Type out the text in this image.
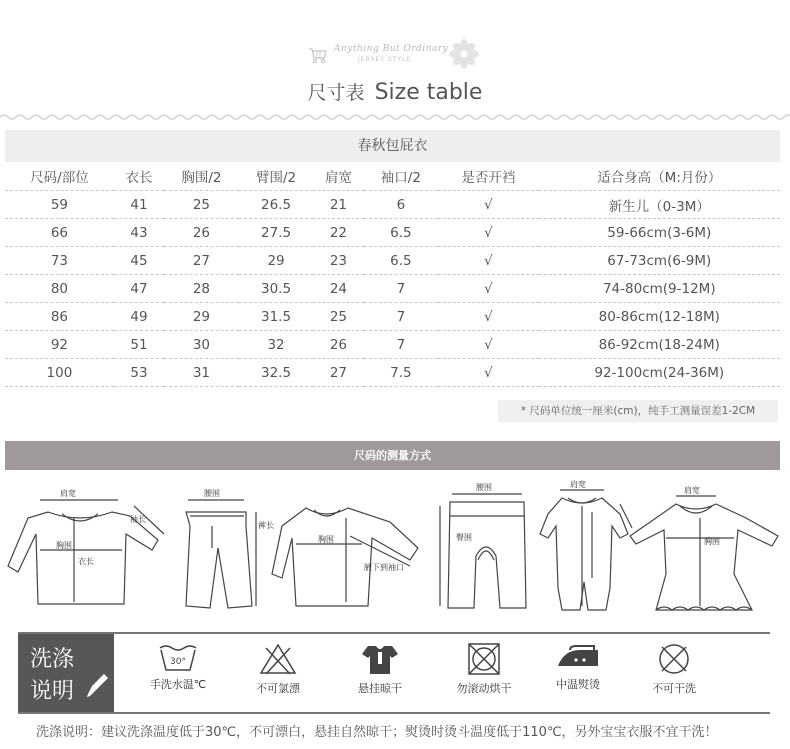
Anything But Ordinary
JERSEY STYLE
尺寸表 Size table
春秋包屁衣
尺码/部位	衣长	胸围/2	臂围/2	肩宽	袖口/2	是否开裆	适合身高（M:月份）
59	41	25	26.5	21	6	√	新生儿（0-3M）
66	43	26	27.5	22	6.5	√	59-66cm(3-6M)
73	45	27	29	23	6.5	√	67-73cm(6-9M)
80	47	28	30.5	24	7	√	74-80cm(9-12M)
86	49	29	31.5	25	7	√	80-86cm(12-18M)
92	51	30	32	26	7	√	86-92cm(18-24M)
100	53	31	32.5	27	7.5	√	92-100cm(24-36M)
* 尺码单位统一厘米(cm)，纯手工测量误差1-2CM
尺码的测量方式
肩宽
袖长
胸围
衣长
腰围
裤长
胸围
腋下到袖口
腰围
臀围
肩宽
肩宽
胸围
洗涤
说明
30°
手洗水温℃	不可氯漂	悬挂晾干	勿滚动烘干	中温熨烫	不可干洗
洗涤说明：建议洗涤温度低于30℃，不可漂白，悬挂自然晾干；熨烫时烫斗温度低于110℃，另外宝宝衣服不宜干洗！
